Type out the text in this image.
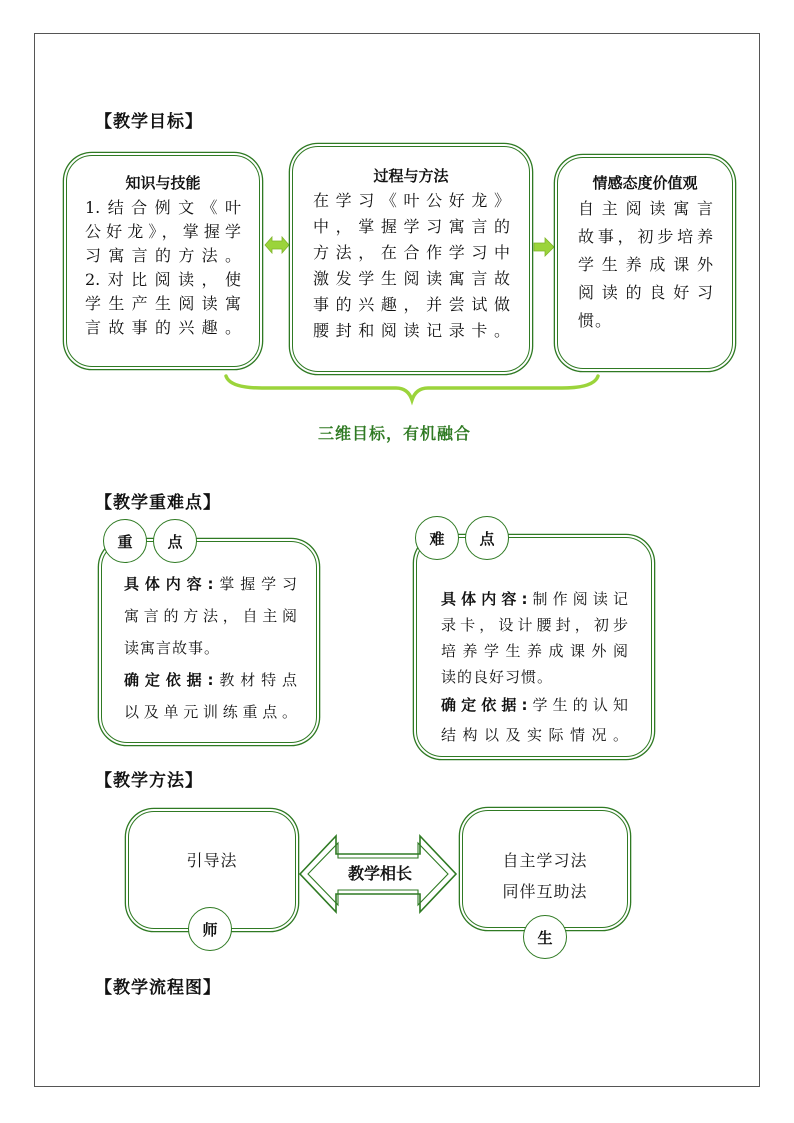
【教学目标】
知识与技能
1.结合例文《叶
公好龙》，掌握学
习寓言的方法。
2.对比阅读，使
学生产生阅读寓
言故事的兴趣。
过程与方法
在学习《叶公好龙》
中，掌握学习寓言的
方法，在合作学习中
激发学生阅读寓言故
事的兴趣，并尝试做
腰封和阅读记录卡。
情感态度价值观
自主阅读寓言
故事，初步培养
学生养成课外
阅读的良好习
惯。
三维目标，有机融合
【教学重难点】
具体内容:掌握学习
寓言的方法，自主阅
读寓言故事。
确定依据:教材特点
以及单元训练重点。
重	点
具体内容:制作阅读记
录卡，设计腰封，初步
培养学生养成课外阅
读的良好习惯。
确定依据:学生的认知
结构以及实际情况。
难	点
【教学方法】
引导法
师
教学相长
自主学习法
同伴互助法
生
【教学流程图】
